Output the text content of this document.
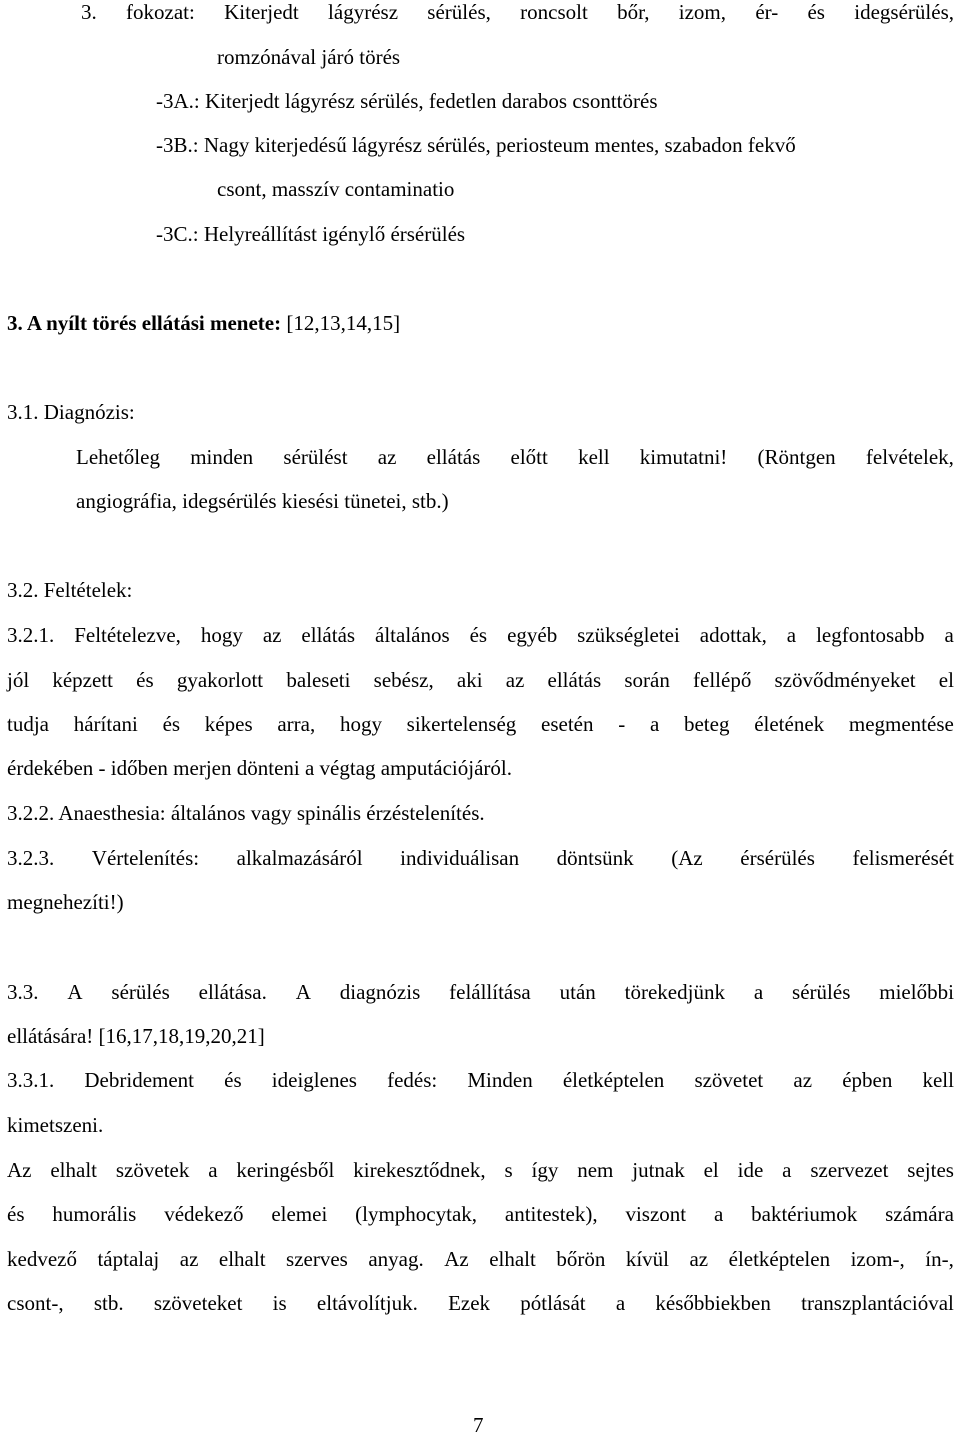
3. fokozat: Kiterjedt lágyrész sérülés, roncsolt bőr, izom, ér- és idegsérülés,
romzónával járó törés
-3A.: Kiterjedt lágyrész sérülés, fedetlen darabos csonttörés
-3B.: Nagy kiterjedésű lágyrész sérülés, periosteum mentes, szabadon fekvő
csont, masszív contaminatio
-3C.: Helyreállítást igénylő érsérülés
3. A nyílt törés ellátási menete: [12,13,14,15]
3.1. Diagnózis:
Lehetőleg minden sérülést az ellátás előtt kell kimutatni! (Röntgen felvételek,
angiográfia, idegsérülés kiesési tünetei, stb.)
3.2. Feltételek:
3.2.1. Feltételezve, hogy az ellátás általános és egyéb szükségletei adottak, a legfontosabb a
jól képzett és gyakorlott baleseti sebész, aki az ellátás során fellépő szövődményeket el
tudja hárítani és képes arra, hogy sikertelenség esetén - a beteg életének megmentése
érdekében - időben merjen dönteni a végtag amputációjáról.
3.2.2. Anaesthesia: általános vagy spinális érzéstelenítés.
3.2.3. Vértelenítés: alkalmazásáról individuálisan döntsünk (Az érsérülés felismerését
megnehezíti!)
3.3. A sérülés ellátása. A diagnózis felállítása után törekedjünk a sérülés mielőbbi
ellátására! [16,17,18,19,20,21]
3.3.1. Debridement és ideiglenes fedés: Minden életképtelen szövetet az épben kell
kimetszeni.
Az elhalt szövetek a keringésből kirekesztődnek, s így nem jutnak el ide a szervezet sejtes
és humorális védekező elemei (lymphocytak, antitestek), viszont a baktériumok számára
kedvező táptalaj az elhalt szerves anyag. Az elhalt bőrön kívül az életképtelen izom-, ín-,
csont-, stb. szöveteket is eltávolítjuk. Ezek pótlását a későbbiekben transzplantációval
7
